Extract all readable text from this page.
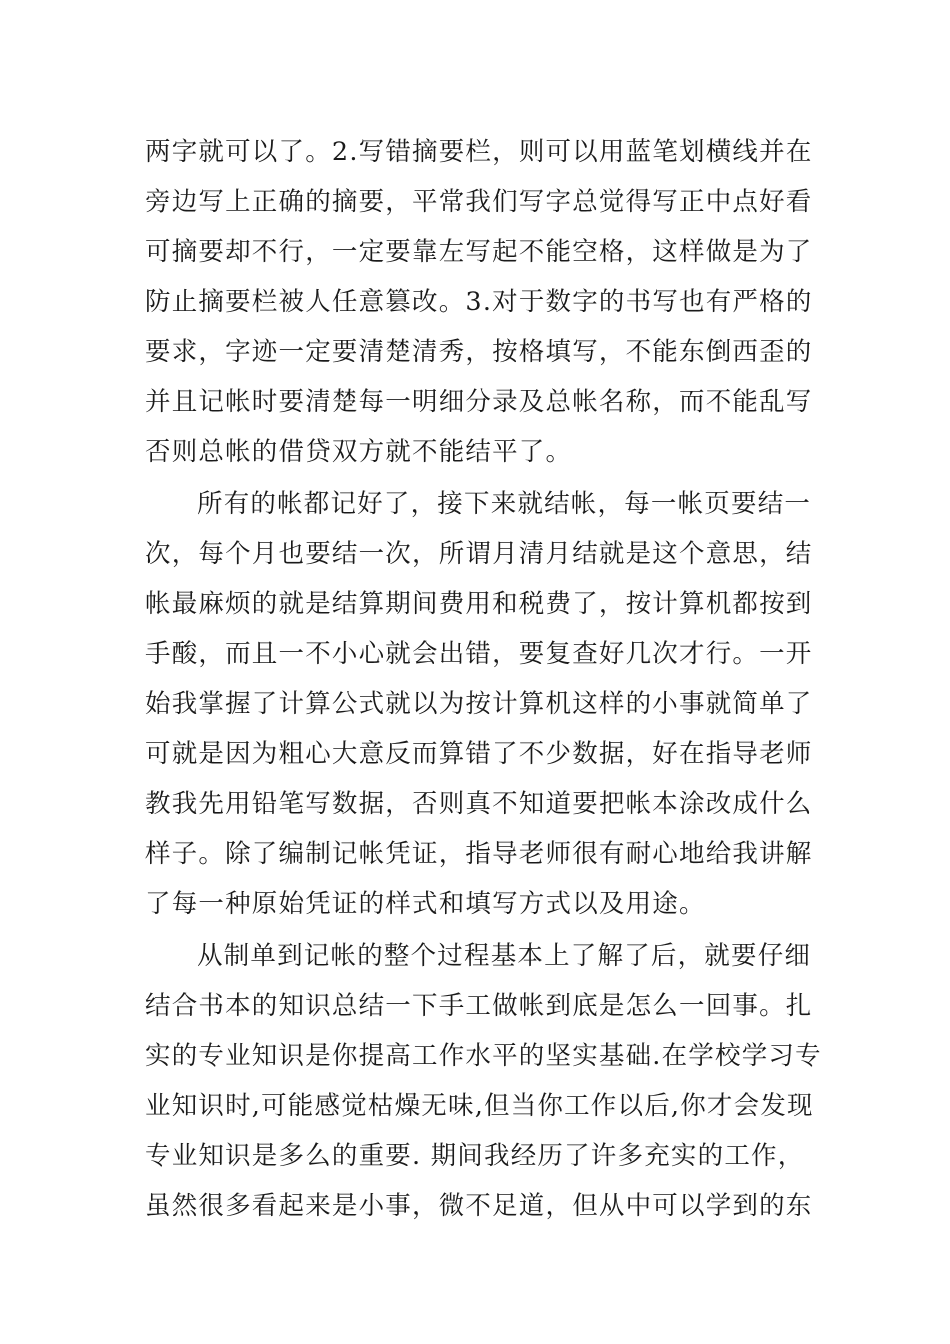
两字就可以了。2.写错摘要栏，则可以用蓝笔划横线并在
旁边写上正确的摘要，平常我们写字总觉得写正中点好看
可摘要却不行，一定要靠左写起不能空格，这样做是为了
防止摘要栏被人任意篡改。3.对于数字的书写也有严格的
要求，字迹一定要清楚清秀，按格填写，不能东倒西歪的
并且记帐时要清楚每一明细分录及总帐名称，而不能乱写
否则总帐的借贷双方就不能结平了。
所有的帐都记好了，接下来就结帐，每一帐页要结一
次，每个月也要结一次，所谓月清月结就是这个意思，结
帐最麻烦的就是结算期间费用和税费了，按计算机都按到
手酸，而且一不小心就会出错，要复查好几次才行。一开
始我掌握了计算公式就以为按计算机这样的小事就简单了
可就是因为粗心大意反而算错了不少数据，好在指导老师
教我先用铅笔写数据，否则真不知道要把帐本涂改成什么
样子。除了编制记帐凭证，指导老师很有耐心地给我讲解
了每一种原始凭证的样式和填写方式以及用途。
从制单到记帐的整个过程基本上了解了后，就要仔细
结合书本的知识总结一下手工做帐到底是怎么一回事。扎
实的专业知识是你提高工作水平的坚实基础.在学校学习专
业知识时,可能感觉枯燥无味,但当你工作以后,你才会发现
专业知识是多么的重要. 期间我经历了许多充实的工作，
虽然很多看起来是小事，微不足道，但从中可以学到的东
